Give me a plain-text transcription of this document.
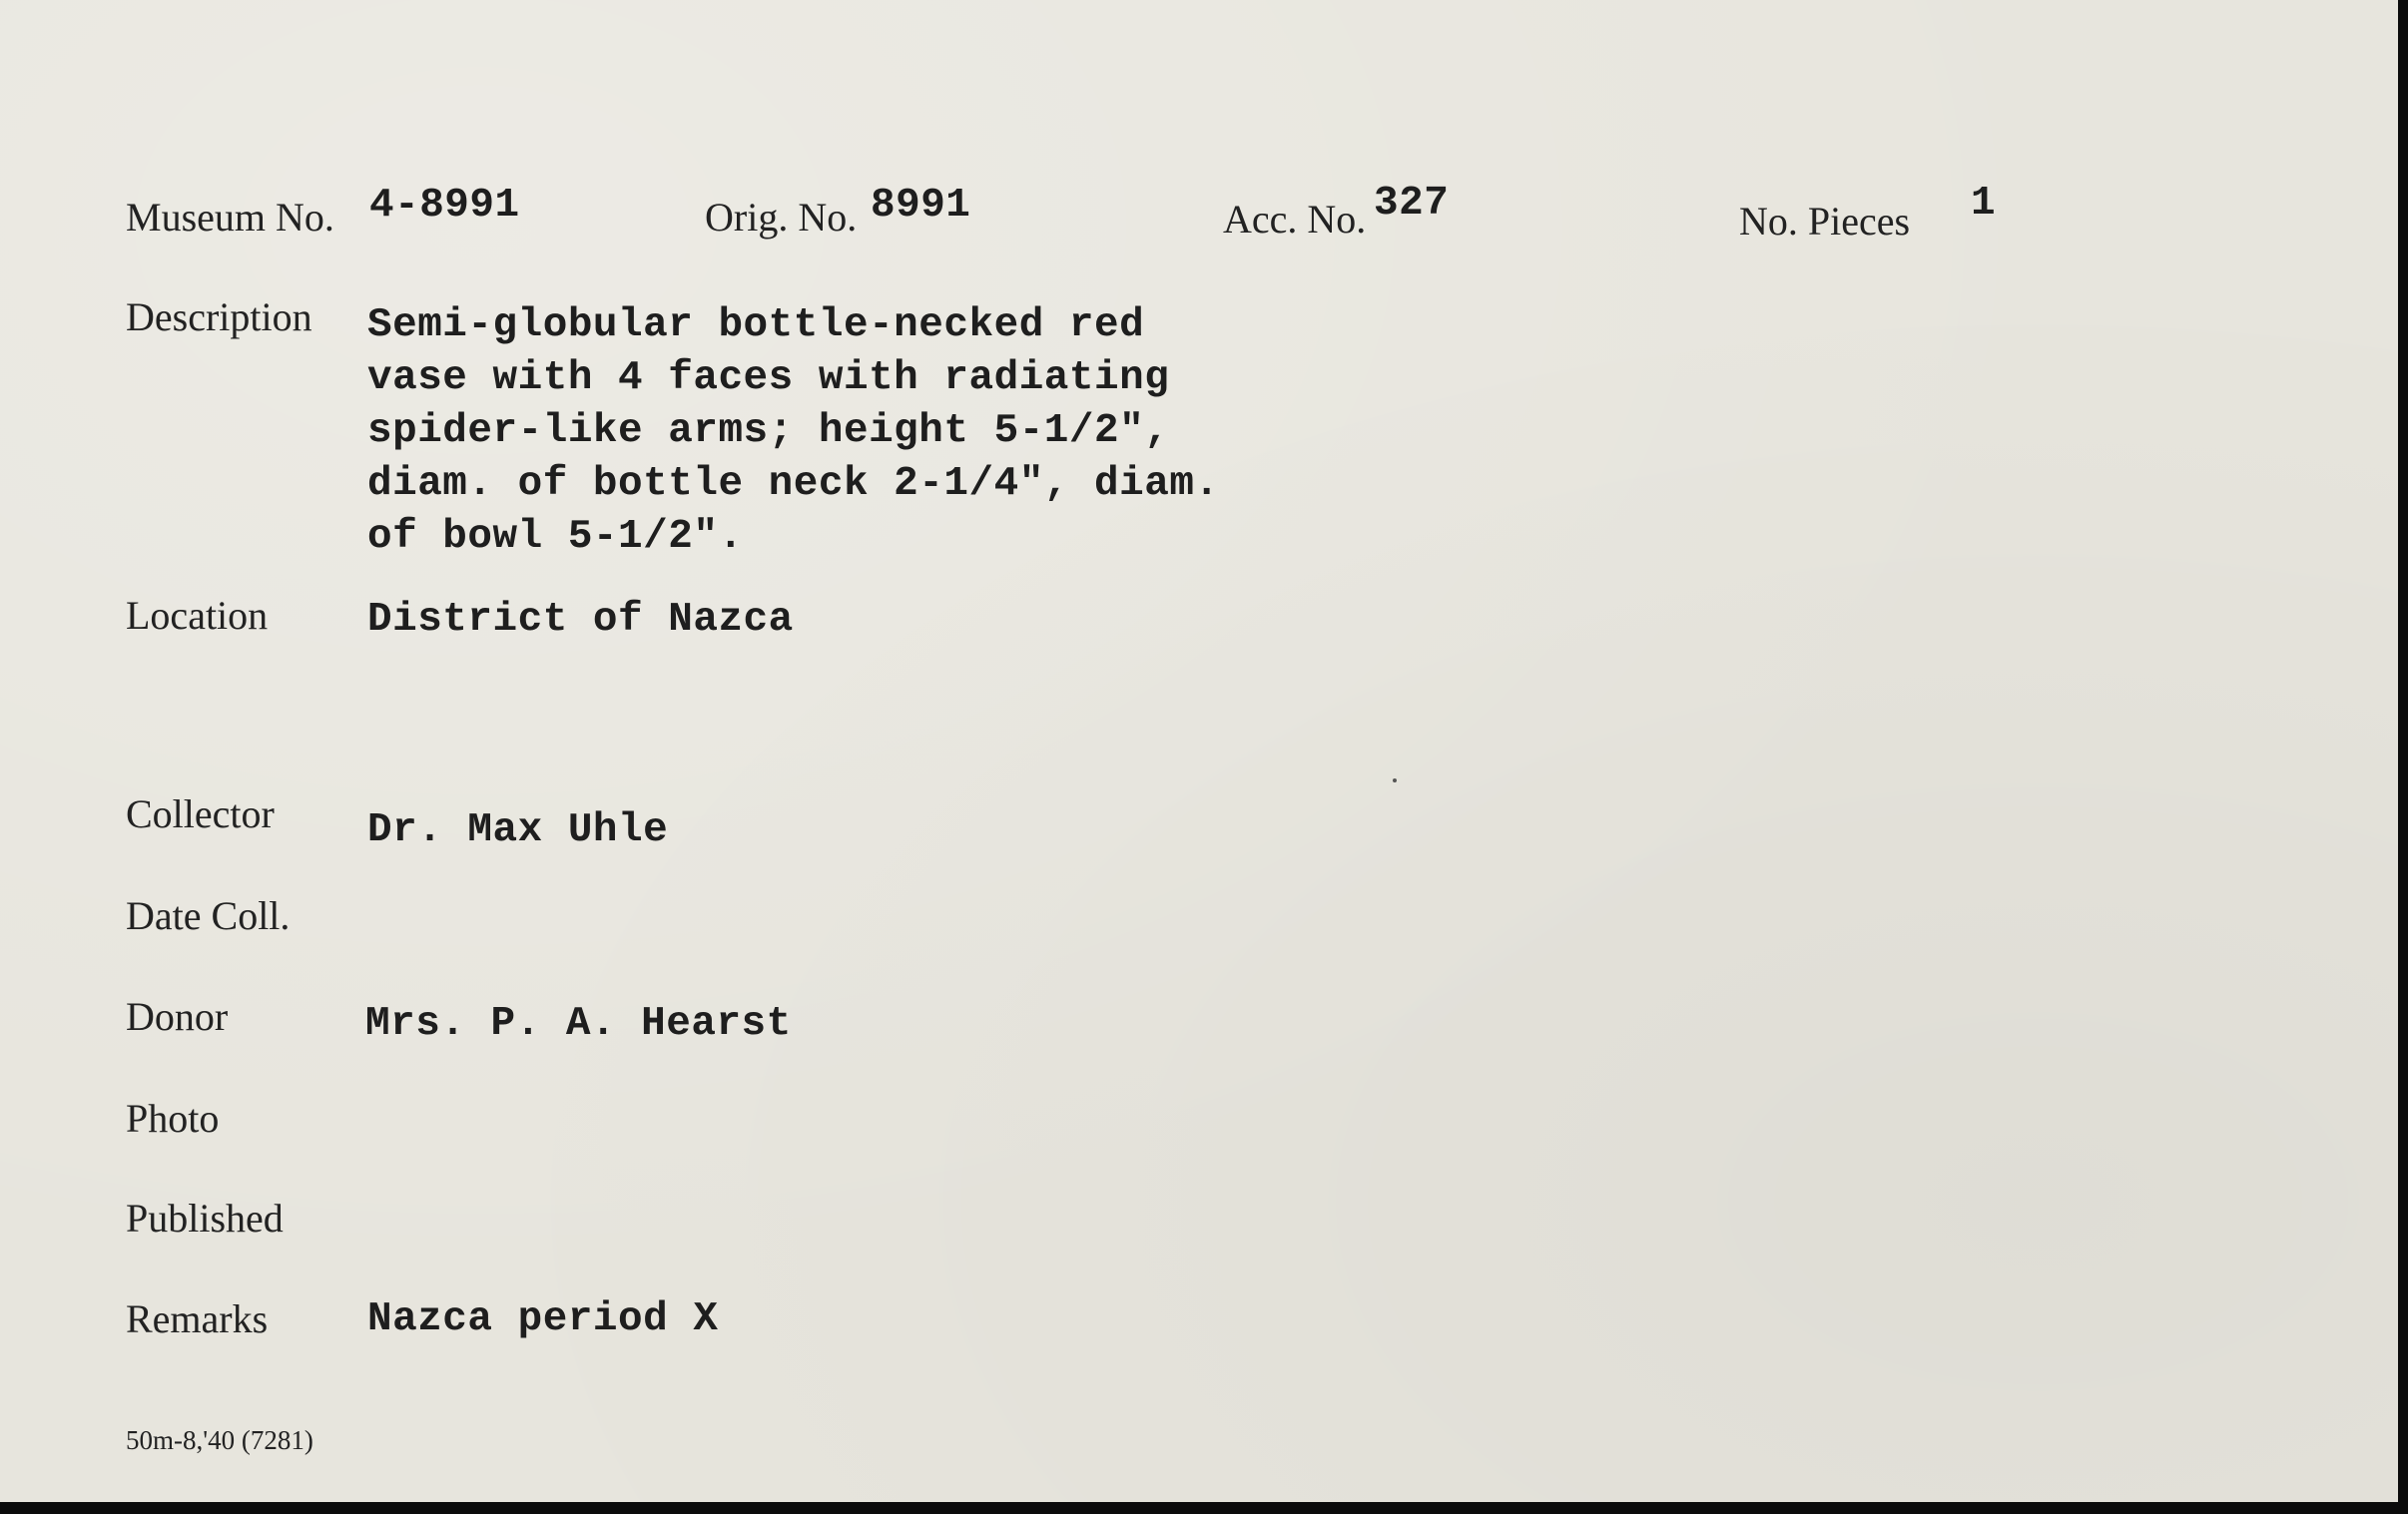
Museum No. 4-8991	Orig. No. 8991	Acc. No. 327	No. Pieces 1
Description Semi-globular bottle-necked red
vase with 4 faces with radiating
spider-like arms; height 5-1/2",
diam. of bottle neck 2-1/4", diam.
of bowl 5-1/2".
Location District of Nazca
Collector Dr. Max Uhle
Date Coll.
Donor	Mrs. P. A. Hearst
Photo
Published
Remarks Nazca period X
50m-8,'40 (7281)
